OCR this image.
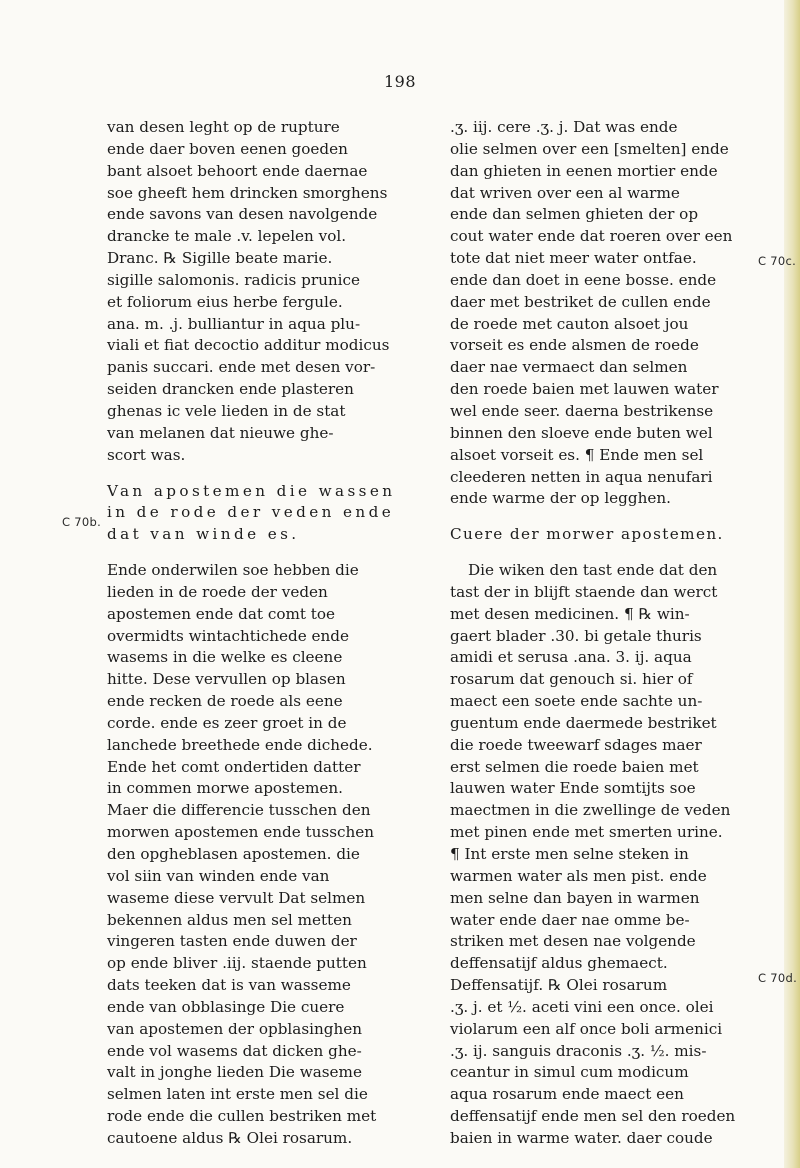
198
van desen leght op de rupture
ende daer boven eenen goeden
bant alsoet behoort ende daernae
soe gheeft hem drincken smorghens
ende savons van desen navolgende
drancke te male .v. lepelen vol.
Dranc. ℞ Sigille beate marie.
sigille salomonis. radicis prunice
et foliorum eius herbe fergule.
ana. m. .j. bulliantur in aqua plu-
viali et fiat decoctio additur modicus
panis succari. ende met desen vor-
seiden drancken ende plasteren
ghenas ic vele lieden in de stat
van melanen dat nieuwe ghe-
scort was.
Van apostemen die wassen
in de rode der veden ende
dat van winde es.
Ende onderwilen soe hebben die
lieden in de roede der veden
apostemen ende dat comt toe
overmidts wintachtichede ende
wasems in die welke es cleene
hitte. Dese vervullen op blasen
ende recken de roede als eene
corde. ende es zeer groet in de
lanchede breethede ende dichede.
Ende het comt ondertiden datter
in commen morwe apostemen.
Maer die differencie tusschen den
morwen apostemen ende tusschen
den opgheblasen apostemen. die
vol siin van winden ende van
waseme diese vervult Dat selmen
bekennen aldus men sel metten
vingeren tasten ende duwen der
op ende bliver .iij. staende putten
dats teeken dat is van wasseme
ende van obblasinge Die cuere
van apostemen der opblasinghen
ende vol wasems dat dicken ghe-
valt in jonghe lieden Die waseme
selmen laten int erste men sel die
rode ende die cullen bestriken met
cautoene aldus ℞ Olei rosarum.
C 70b.
.ʒ. iij. cere .ʒ. j. Dat was ende
olie selmen over een [smelten] ende
dan ghieten in eenen mortier ende
dat wriven over een al warme
ende dan selmen ghieten der op
cout water ende dat roeren over een
tote dat niet meer water ontfae.
ende dan doet in eene bosse. ende
daer met bestriket de cullen ende
de roede met cauton alsoet jou
vorseit es ende alsmen de roede
daer nae vermaect dan selmen
den roede baien met lauwen water
wel ende seer. daerna bestrikense
binnen den sloeve ende buten wel
alsoet vorseit es. ¶ Ende men sel
cleederen netten in aqua nenufari
ende warme der op legghen.
Cuere der morwer apostemen.
Die wiken den tast ende dat den
tast der in blijft staende dan werct
met desen medicinen. ¶ ℞ win-
gaert blader .30. bi getale thuris
amidi et serusa .ana. 3. ij. aqua
rosarum dat genouch si. hier of
maect een soete ende sachte un-
guentum ende daermede bestriket
die roede tweewarf sdages maer
erst selmen die roede baien met
lauwen water Ende somtijts soe
maectmen in die zwellinge de veden
met pinen ende met smerten urine.
¶ Int erste men selne steken in
warmen water als men pist. ende
men selne dan bayen in warmen
water ende daer nae omme be-
striken met desen nae volgende
deffensatijf aldus ghemaect.
Deffensatijf. ℞ Olei rosarum
.ʒ. j. et ½. aceti vini een once. olei
violarum een alf once boli armenici
.ʒ. ij. sanguis draconis .ʒ. ½. mis-
ceantur in simul cum modicum
aqua rosarum ende maect een
deffensatijf ende men sel den roeden
baien in warme water. daer coude
C 70c.
C 70d.
